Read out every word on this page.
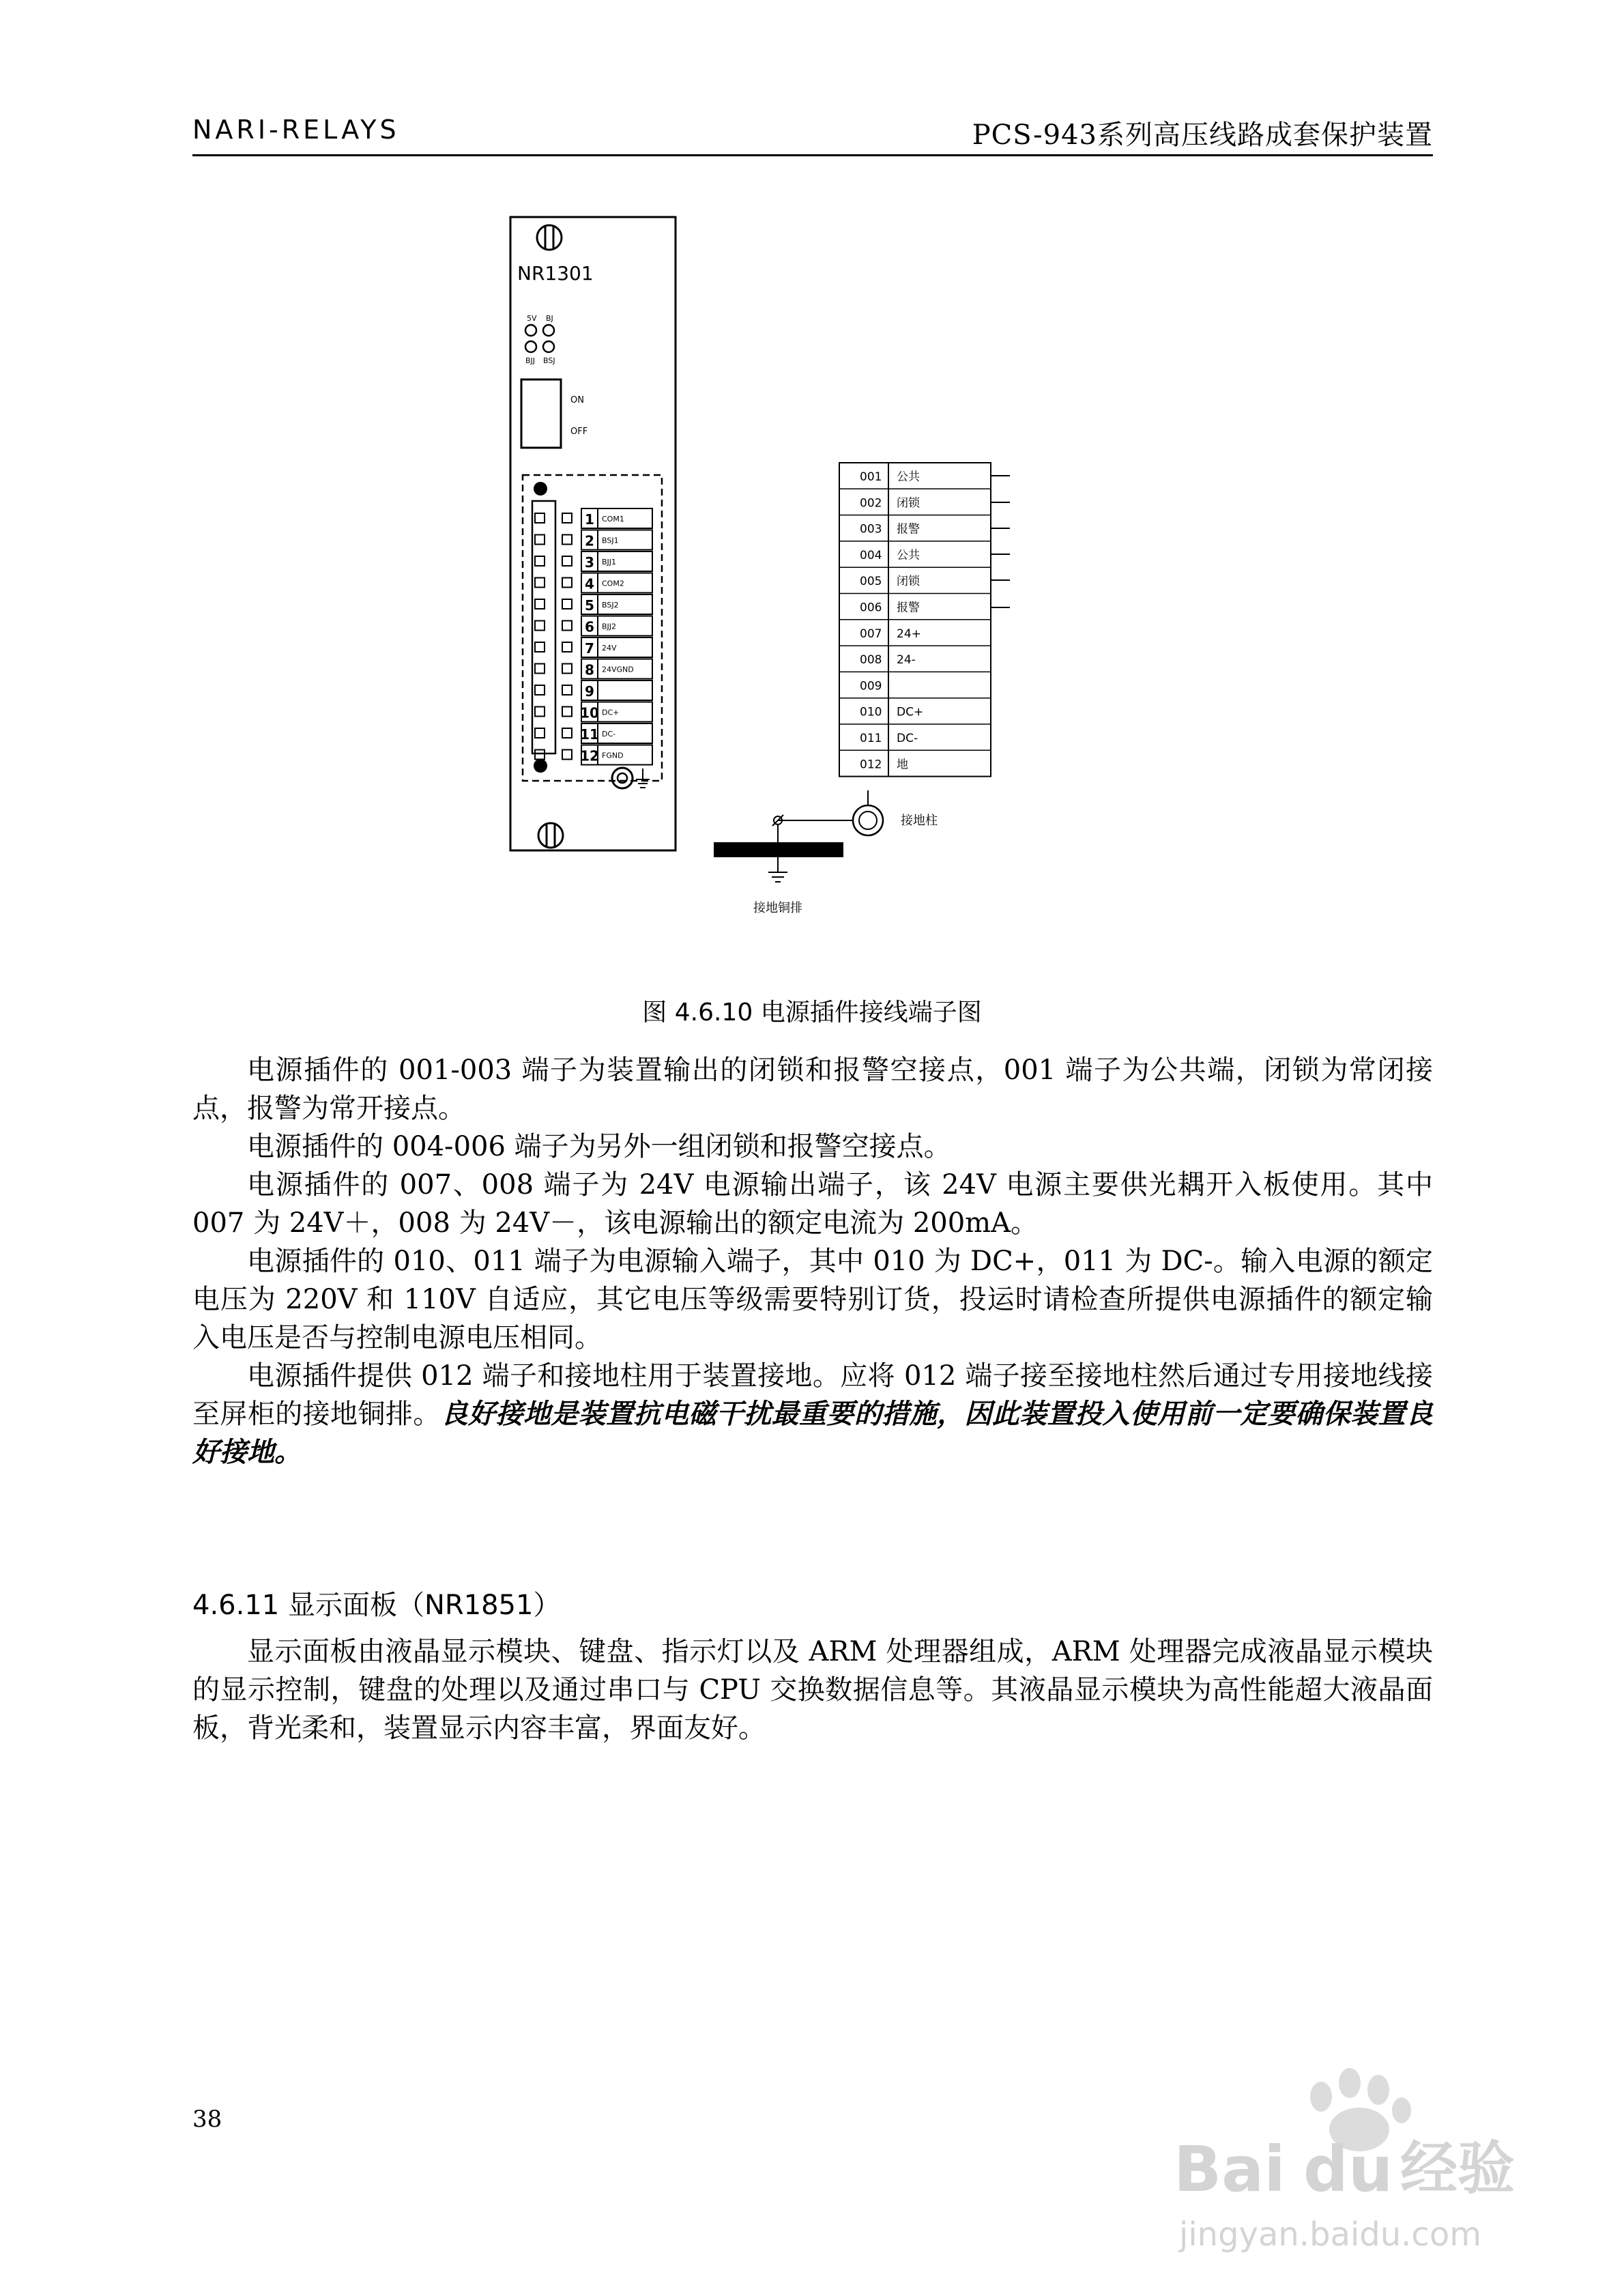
NARI-RELAYS	PCS-943系列高压线路成套保护装置
NR1301
5V BJ
BJJ BSJ
ON
OFF
1 COM1
2 BSJ1
3 BJJ1
4 COM2
5 BSJ2
6 BJJ2
7 24V
8 24VGND
9
10 DC+
11 DC-
12 FGND
001 公共
002 闭锁
003 报警
004 公共
005 闭锁
006 报警
007 24+
008 24-
009
010 DC+
011 DC-
012 地
接地柱
接地铜排
图 4.6.10 电源插件接线端子图

电源插件的 001-003 端子为装置输出的闭锁和报警空接点，001 端子为公共端，闭锁为常闭接点，报警为常开接点。

电源插件的 004-006 端子为另外一组闭锁和报警空接点。

电源插件的 007、008 端子为 24V 电源输出端子，该 24V 电源主要供光耦开入板使用。其中 007 为 24V＋，008 为 24V－，该电源输出的额定电流为 200mA。

电源插件的 010、011 端子为电源输入端子，其中 010 为 DC+，011 为 DC-。输入电源的额定电压为 220V 和 110V 自适应，其它电压等级需要特别订货，投运时请检查所提供电源插件的额定输入电压是否与控制电源电压相同。

电源插件提供 012 端子和接地柱用于装置接地。应将 012 端子接至接地柱然后通过专用接地线接至屏柜的接地铜排。良好接地是装置抗电磁干扰最重要的措施，因此装置投入使用前一定要确保装置良好接地。

4.6.11 显示面板（NR1851）

显示面板由液晶显示模块、键盘、指示灯以及 ARM 处理器组成，ARM 处理器完成液晶显示模块的显示控制，键盘的处理以及通过串口与 CPU 交换数据信息等。其液晶显示模块为高性能超大液晶面板，背光柔和，装置显示内容丰富，界面友好。

38
Bai du 经验
jingyan.baidu.com
